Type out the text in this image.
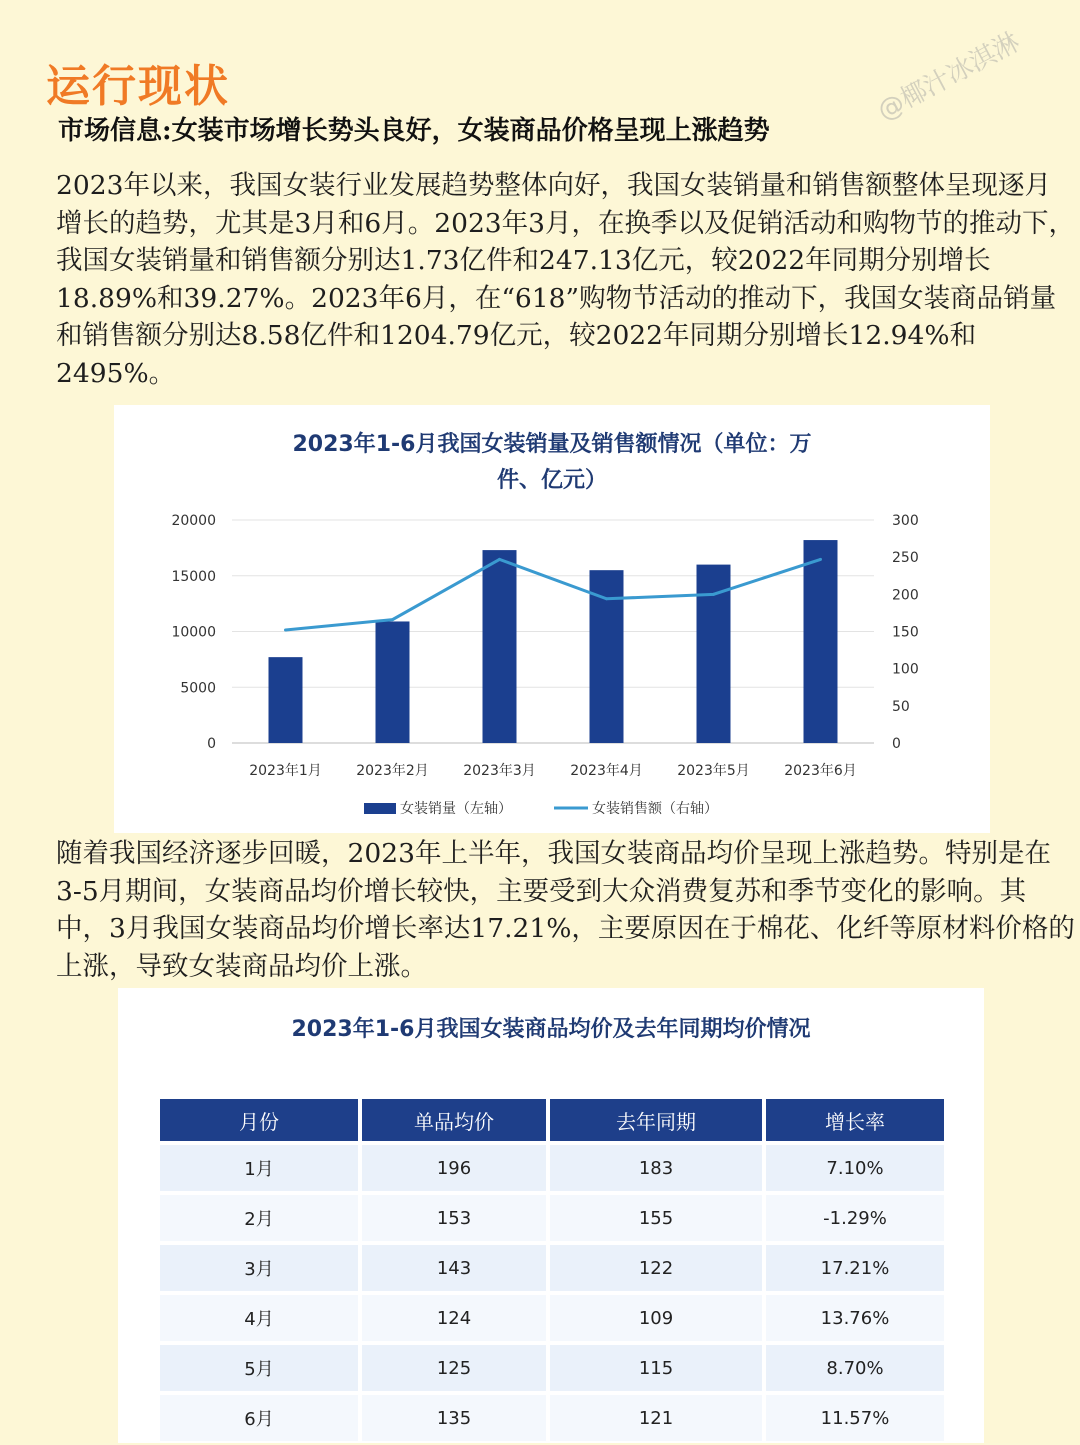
运行现状
市场信息:女装市场增长势头良好，女装商品价格呈现上涨趋势
@椰汁冰淇淋

2023年以来，我国女装行业发展趋势整体向好，我国女装销量和销售额整体呈现逐月增长的趋势，尤其是3月和6月。2023年3月，在换季以及促销活动和购物节的推动下，我国女装销量和销售额分别达1.73亿件和247.13亿元，较2022年同期分别增长18.89%和39.27%。2023年6月，在“618”购物节活动的推动下，我国女装商品销量和销售额分别达8.58亿件和1204.79亿元，较2022年同期分别增长12.94%和2495%。

2023年1-6月我国女装销量及销售额情况（单位：万
件、亿元）
0
5000
10000
15000
20000
0
50
100
150
200
250
300
2023年1月 2023年2月 2023年3月 2023年4月 2023年5月 2023年6月
女装销量（左轴）	女装销售额（右轴）

随着我国经济逐步回暖，2023年上半年，我国女装商品均价呈现上涨趋势。特别是在3-5月期间，女装商品均价增长较快，主要受到大众消费复苏和季节变化的影响。其中，3月我国女装商品均价增长率达17.21%，主要原因在于棉花、化纤等原材料价格的上涨，导致女装商品均价上涨。

2023年1-6月我国女装商品均价及去年同期均价情况
月份	单品均价	去年同期	增长率
1月	196	183	7.10%
2月	153	155	-1.29%
3月	143	122	17.21%
4月	124	109	13.76%
5月	125	115	8.70%
6月	135	121	11.57%
